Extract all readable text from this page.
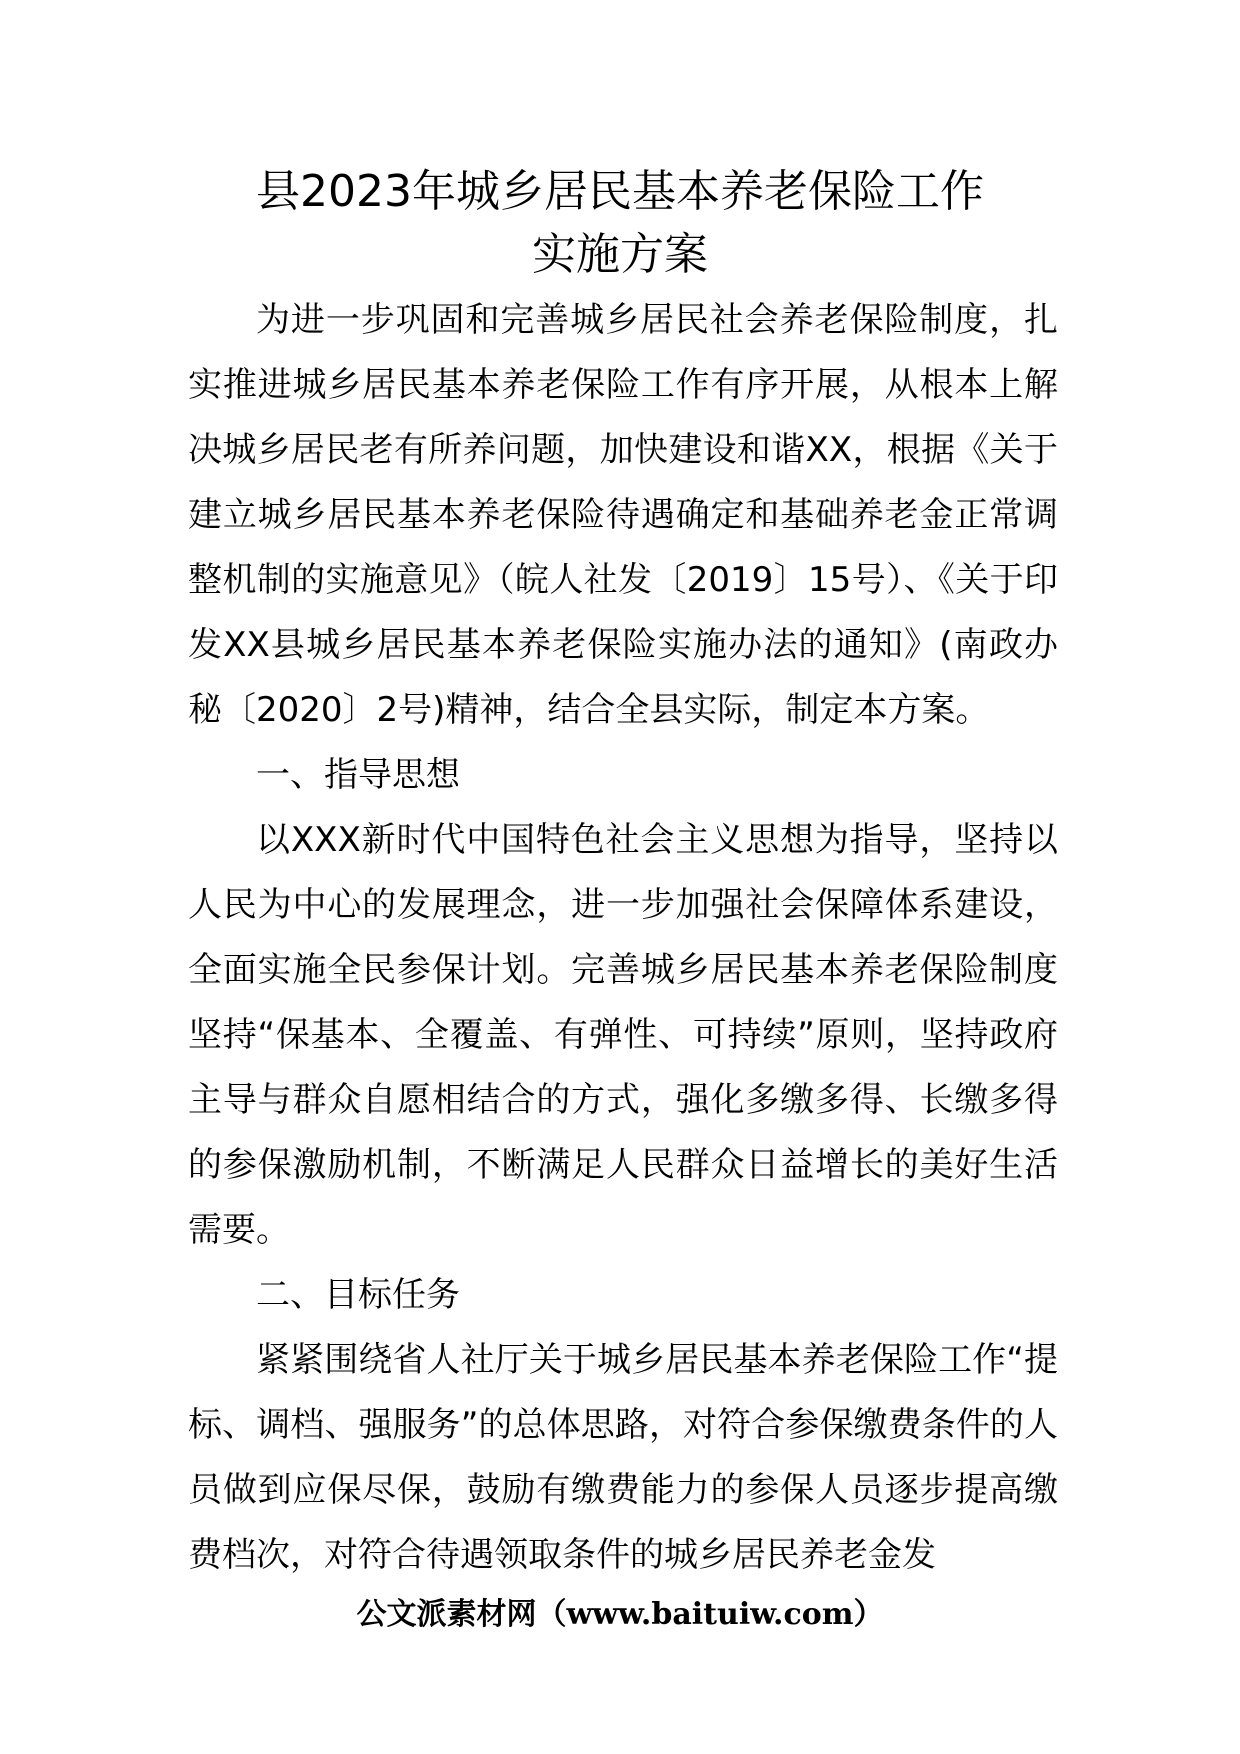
县2023年城乡居民基本养老保险工作
实施方案

为进一步巩固和完善城乡居民社会养老保险制度，扎实推进城乡居民基本养老保险工作有序开展，从根本上解决城乡居民老有所养问题，加快建设和谐XX，根据《关于建立城乡居民基本养老保险待遇确定和基础养老金正常调整机制的实施意见》（皖人社发〔2019〕15号）、《关于印发XX县城乡居民基本养老保险实施办法的通知》(南政办秘〔2020〕2号)精神，结合全县实际，制定本方案。

一、指导思想

以XXX新时代中国特色社会主义思想为指导，坚持以人民为中心的发展理念，进一步加强社会保障体系建设，全面实施全民参保计划。完善城乡居民基本养老保险制度坚持“保基本、全覆盖、有弹性、可持续”原则，坚持政府主导与群众自愿相结合的方式，强化多缴多得、长缴多得的参保激励机制，不断满足人民群众日益增长的美好生活需要。

二、目标任务

紧紧围绕省人社厅关于城乡居民基本养老保险工作“提标、调档、强服务”的总体思路，对符合参保缴费条件的人员做到应保尽保，鼓励有缴费能力的参保人员逐步提高缴费档次，对符合待遇领取条件的城乡居民养老金发

公文派素材网（www.baituiw.com）
